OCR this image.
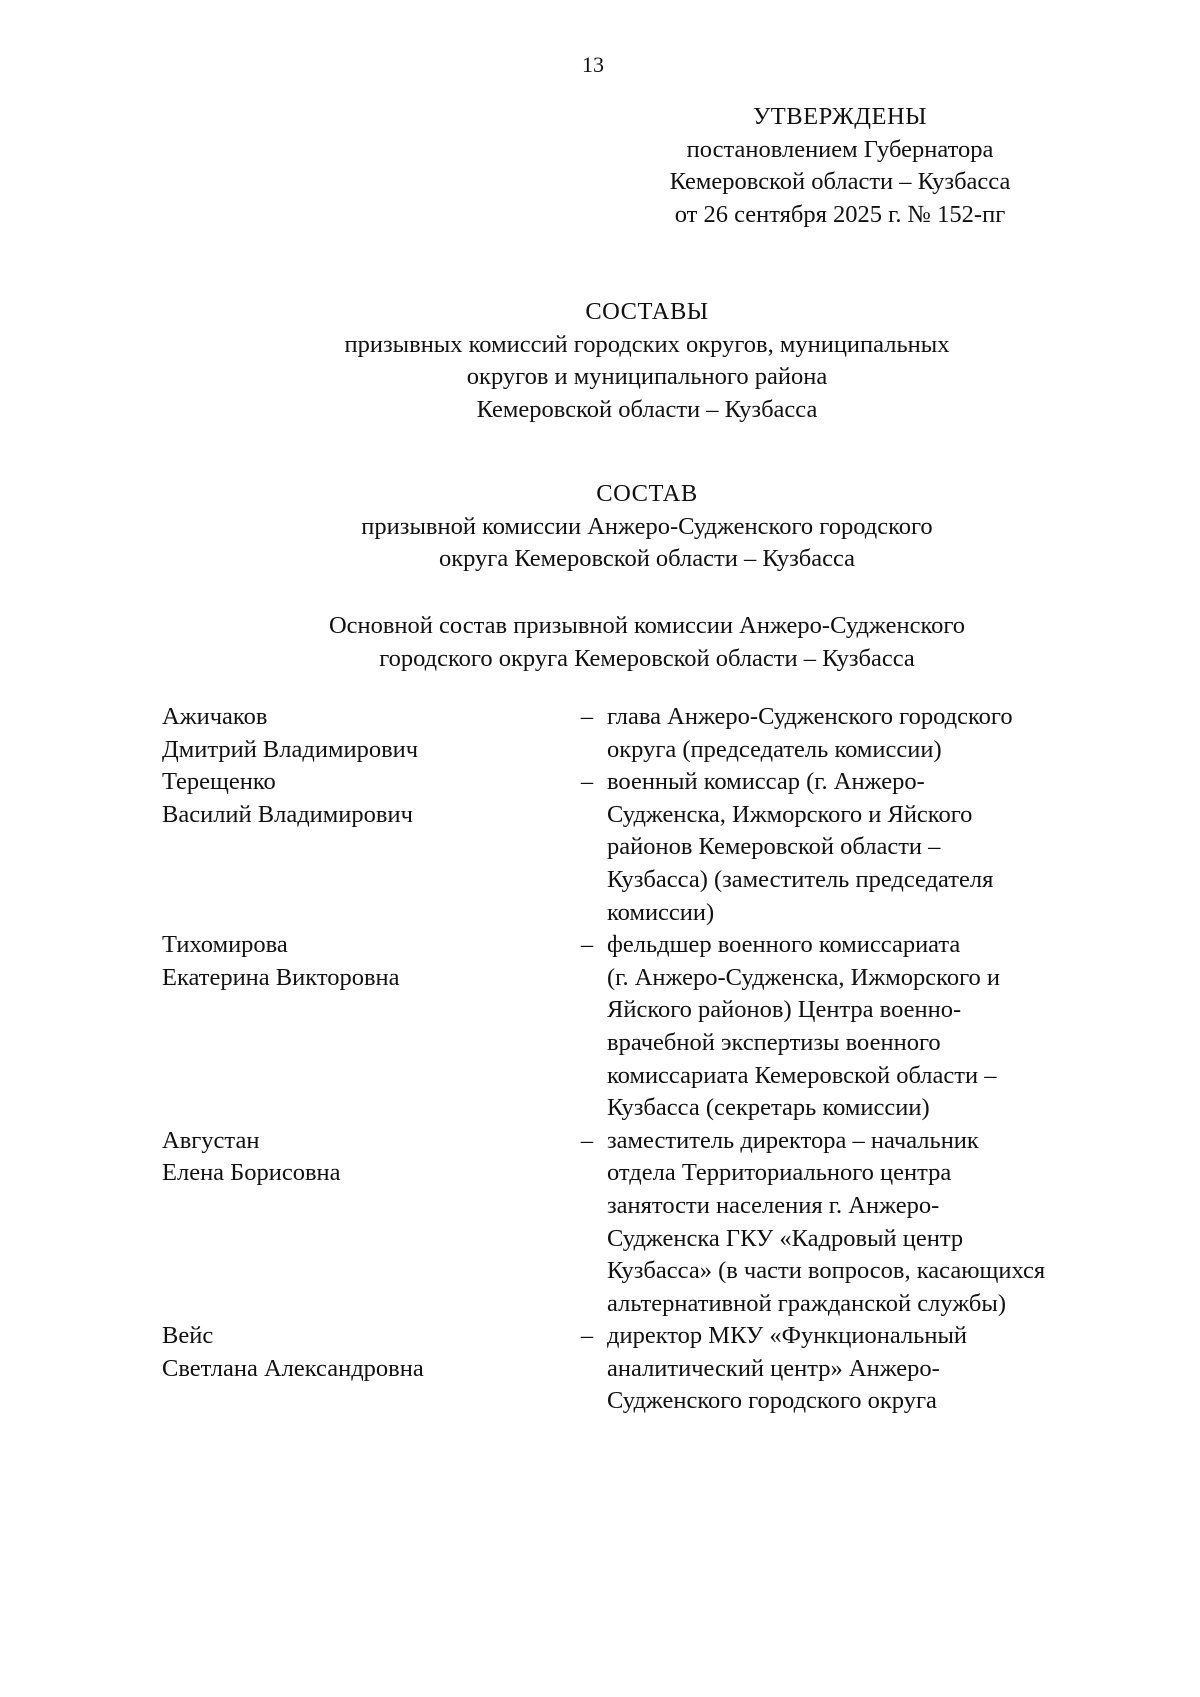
13
УТВЕРЖДЕНЫ
постановлением Губернатора
Кемеровской области – Кузбасса
от 26 сентября 2025 г. № 152-пг
СОСТАВЫ
призывных комиссий городских округов, муниципальных
округов и муниципального района
Кемеровской области – Кузбасса
СОСТАВ
призывной комиссии Анжеро-Судженского городского
округа Кемеровской области – Кузбасса
Основной состав призывной комиссии Анжеро-Судженского
городского округа Кемеровской области – Кузбасса
Ажичаков
Дмитрий Владимирович
– глава Анжеро-Судженского городского
округа (председатель комиссии)
Терещенко
Василий Владимирович
– военный комиссар (г. Анжеро-
Судженска, Ижморского и Яйского
районов Кемеровской области –
Кузбасса) (заместитель председателя
комиссии)
Тихомирова
Екатерина Викторовна
– фельдшер военного комиссариата
(г. Анжеро-Судженска, Ижморского и
Яйского районов) Центра военно-
врачебной экспертизы военного
комиссариата Кемеровской области –
Кузбасса (секретарь комиссии)
Августан
Елена Борисовна
– заместитель директора – начальник
отдела Территориального центра
занятости населения г. Анжеро-
Судженска ГКУ «Кадровый центр
Кузбасса» (в части вопросов, касающихся
альтернативной гражданской службы)
Вейс
Светлана Александровна
– директор МКУ «Функциональный
аналитический центр» Анжеро-
Судженского городского округа
